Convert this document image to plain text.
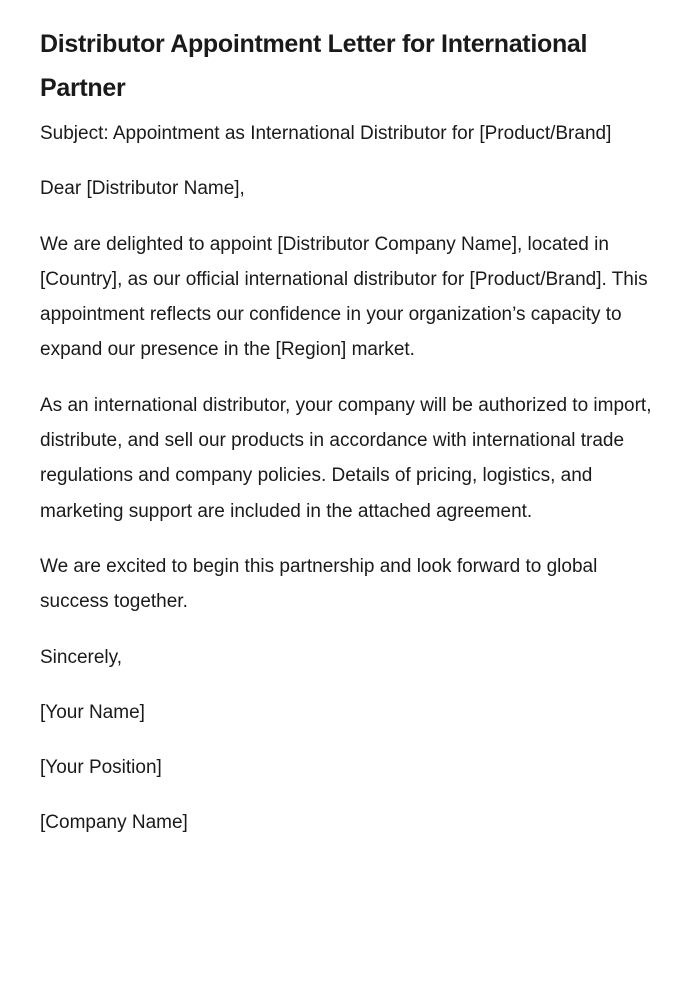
Distributor Appointment Letter for International Partner

Subject: Appointment as International Distributor for [Product/Brand]

Dear [Distributor Name],

We are delighted to appoint [Distributor Company Name], located in [Country], as our official international distributor for [Product/Brand]. This appointment reflects our confidence in your organization’s capacity to expand our presence in the [Region] market.

As an international distributor, your company will be authorized to import, distribute, and sell our products in accordance with international trade regulations and company policies. Details of pricing, logistics, and marketing support are included in the attached agreement.

We are excited to begin this partnership and look forward to global success together.

Sincerely,

[Your Name]

[Your Position]

[Company Name]
